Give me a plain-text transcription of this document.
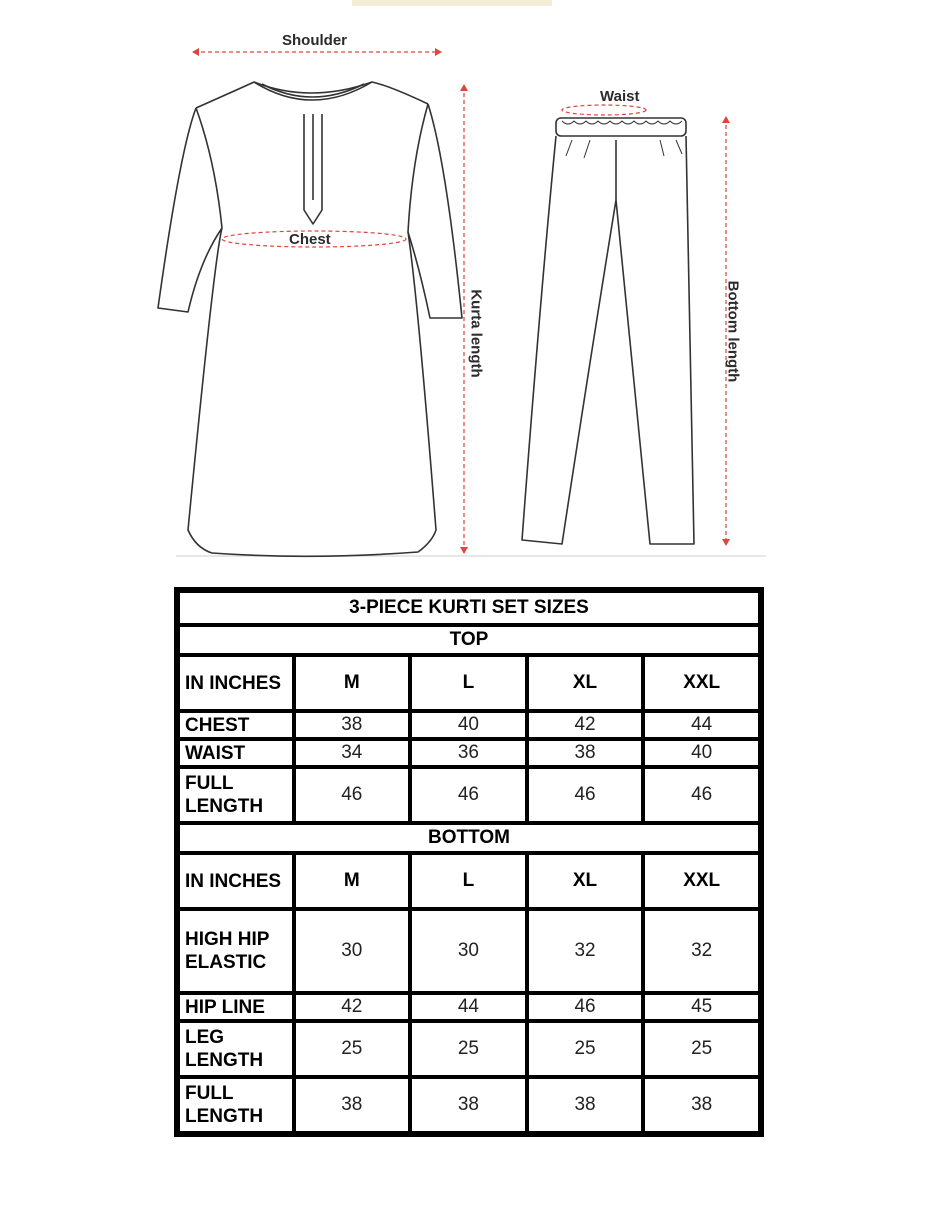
Shoulder
Chest
Waist
Kurta length	Bottom length
3-PIECE KURTI SET SIZES				
TOP				
IN INCHES	M	L	XL	XXL
CHEST	38	40	42	44
WAIST	34	36	38	40
FULL LENGTH	46	46	46	46
BOTTOM				
IN INCHES	M	L	XL	XXL
HIGH HIP ELASTIC	30	30	32	32
HIP LINE	42	44	46	45
LEG LENGTH	25	25	25	25
FULL LENGTH	38	38	38	38
